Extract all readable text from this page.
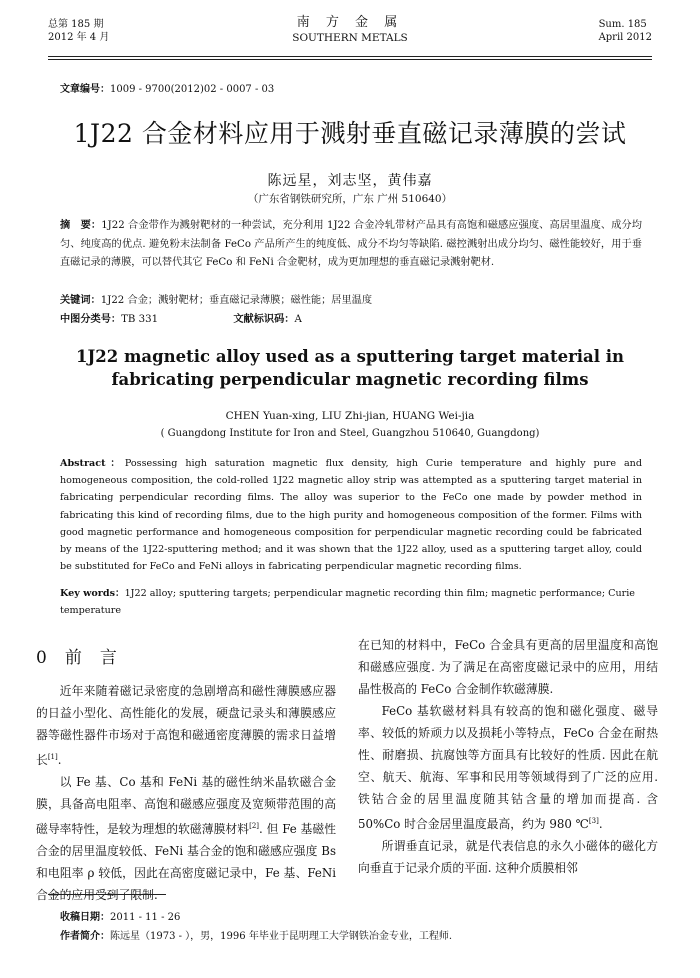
总第 185 期
2012 年 4 月
南 方 金 属
SOUTHERN METALS
Sum. 185
April 2012
文章编号：1009 - 9700(2012)02 - 0007 - 03
1J22 合金材料应用于溅射垂直磁记录薄膜的尝试
陈远星，刘志坚，黄伟嘉
（广东省钢铁研究所，广东 广州 510640）
摘　要：1J22 合金带作为溅射靶材的一种尝试，充分利用 1J22 合金冷轧带材产品具有高饱和磁感应强度、高居里温度、成分均匀、纯度高的优点. 避免粉末法制备 FeCo 产品所产生的纯度低、成分不均匀等缺陷. 磁控溅射出成分均匀、磁性能较好，用于垂直磁记录的薄膜，可以替代其它 FeCo 和 FeNi 合金靶材，成为更加理想的垂直磁记录溅射靶材.
关键词：1J22 合金；溅射靶材；垂直磁记录薄膜；磁性能；居里温度
中图分类号：TB 331	文献标识码：A
1J22 magnetic alloy used as a sputtering target material in
fabricating perpendicular magnetic recording films
CHEN Yuan-xing, LIU Zhi-jian, HUANG Wei-jia
( Guangdong Institute for Iron and Steel, Guangzhou 510640, Guangdong)
Abstract：Possessing high saturation magnetic flux density, high Curie temperature and highly pure and homogeneous composition, the cold-rolled 1J22 magnetic alloy strip was attempted as a sputtering target material in fabricating perpendicular recording films. The alloy was superior to the FeCo one made by powder method in fabricating this kind of recording films, due to the high purity and homogeneous composition of the former. Films with good magnetic performance and homogeneous composition for perpendicular magnetic recording could be fabricated by means of the 1J22-sputtering method; and it was shown that the 1J22 alloy, used as a sputtering target alloy, could be substituted for FeCo and FeNi alloys in fabricating perpendicular magnetic recording films.
Key words：1J22 alloy; sputtering targets; perpendicular magnetic recording thin film; magnetic performance; Curie temperature

0 前 言

近年来随着磁记录密度的急剧增高和磁性薄膜感应器的日益小型化、高性能化的发展，硬盘记录头和薄膜感应器等磁性器件市场对于高饱和磁通密度薄膜的需求日益增长[1].

以 Fe 基、Co 基和 FeNi 基的磁性纳米晶软磁合金膜，具备高电阻率、高饱和磁感应强度及宽频带范围的高磁导率特性，是较为理想的软磁薄膜材料[2]. 但 Fe 基磁性合金的居里温度较低、FeNi 基合金的饱和磁感应强度 Bs 和电阻率 ρ 较低，因此在高密度磁记录中，Fe 基、FeNi 合金的应用受到了限制.

在已知的材料中，FeCo 合金具有更高的居里温度和高饱和磁感应强度. 为了满足在高密度磁记录中的应用，用结晶性极高的 FeCo 合金制作软磁薄膜.

FeCo 基软磁材料具有较高的饱和磁化强度、磁导率、较低的矫顽力以及损耗小等特点，FeCo 合金在耐热性、耐磨损、抗腐蚀等方面具有比较好的性质. 因此在航空、航天、航海、军事和民用等领域得到了广泛的应用. 铁钴合金的居里温度随其钴含量的增加而提高. 含 50%Co 时合金居里温度最高，约为 980 ℃[3].

所谓垂直记录，就是代表信息的永久小磁体的磁化方向垂直于记录介质的平面. 这种介质膜相邻

收稿日期：2011 - 11 - 26
作者简介：陈远星（1973 - ），男，1996 年毕业于昆明理工大学钢铁冶金专业，工程师.
